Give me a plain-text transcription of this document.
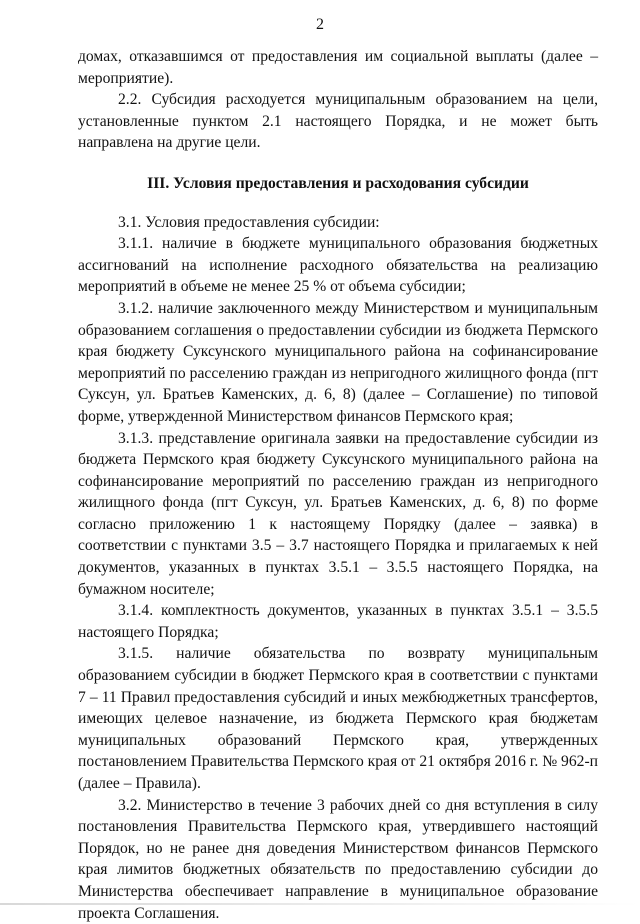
2

домах, отказавшимся от предоставления им социальной выплаты (далее – мероприятие).

2.2. Субсидия расходуется муниципальным образованием на цели, установленные пунктом 2.1 настоящего Порядка, и не может быть направлена на другие цели.

III. Условия предоставления и расходования субсидии

3.1. Условия предоставления субсидии:

3.1.1. наличие в бюджете муниципального образования бюджетных ассигнований на исполнение расходного обязательства на реализацию мероприятий в объеме не менее 25 % от объема субсидии;

3.1.2. наличие заключенного между Министерством и муниципальным образованием соглашения о предоставлении субсидии из бюджета Пермского края бюджету Суксунского муниципального района на софинансирование мероприятий по расселению граждан из непригодного жилищного фонда (пгт Суксун, ул. Братьев Каменских, д. 6, 8) (далее – Соглашение) по типовой форме, утвержденной Министерством финансов Пермского края;

3.1.3. представление оригинала заявки на предоставление субсидии из бюджета Пермского края бюджету Суксунского муниципального района на софинансирование мероприятий по расселению граждан из непригодного жилищного фонда (пгт Суксун, ул. Братьев Каменских, д. 6, 8) по форме согласно приложению 1 к настоящему Порядку (далее – заявка) в соответствии с пунктами 3.5 – 3.7 настоящего Порядка и прилагаемых к ней документов, указанных в пунктах 3.5.1 – 3.5.5 настоящего Порядка, на бумажном носителе;

3.1.4. комплектность документов, указанных в пунктах 3.5.1 – 3.5.5 настоящего Порядка;

3.1.5. наличие обязательства по возврату муниципальным образованием субсидии в бюджет Пермского края в соответствии с пунктами 7 – 11 Правил предоставления субсидий и иных межбюджетных трансфертов, имеющих целевое назначение, из бюджета Пермского края бюджетам муниципальных образований Пермского края, утвержденных постановлением Правительства Пермского края от 21 октября 2016 г. № 962-п (далее – Правила).

3.2. Министерство в течение 3 рабочих дней со дня вступления в силу постановления Правительства Пермского края, утвердившего настоящий Порядок, но не ранее дня доведения Министерством финансов Пермского края лимитов бюджетных обязательств по предоставлению субсидии до Министерства обеспечивает направление в муниципальное образование проекта Соглашения.
